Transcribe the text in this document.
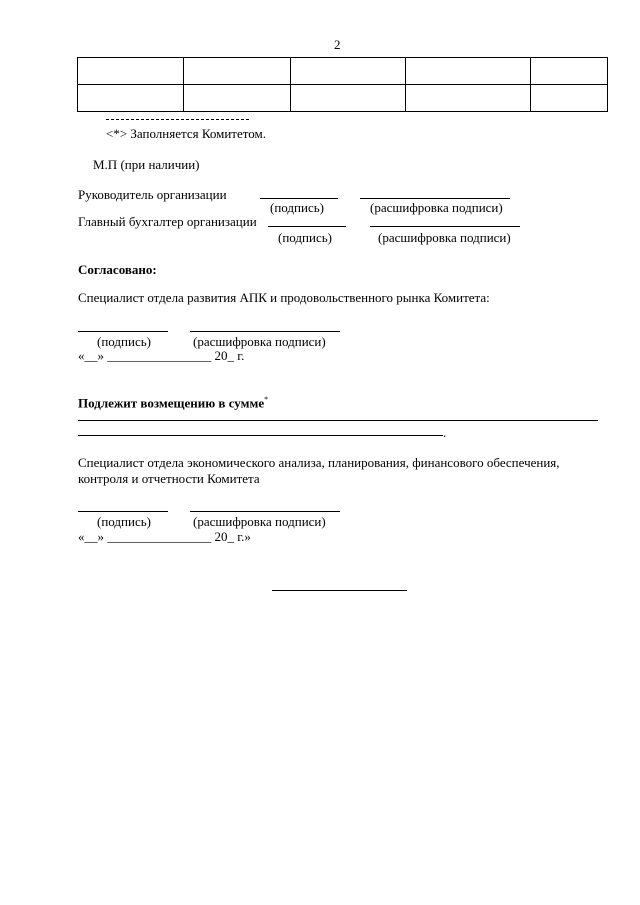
2

<*> Заполняется Комитетом.
М.П (при наличии)
Руководитель организации
(подпись)	(расшифровка подписи)
Главный бухгалтер организации
(подпись)	(расшифровка подписи)
Согласовано:
Специалист отдела развития АПК и продовольственного рынка Комитета:
(подпись)	(расшифровка подписи)
«__» ________________ 20_ г.
Подлежит возмещению в сумме*
.
Специалист отдела экономического анализа, планирования, финансового обеспечения,
контроля и отчетности Комитета
(подпись)	(расшифровка подписи)
«__» ________________ 20_ г.»
